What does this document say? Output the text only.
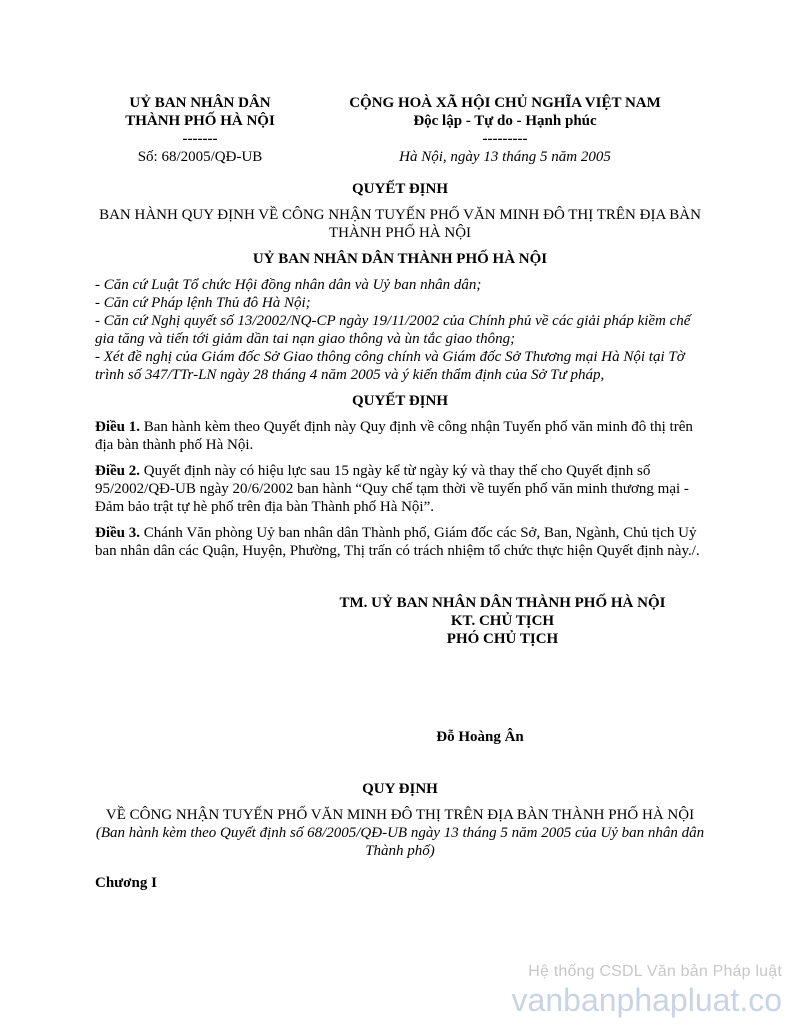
UỶ BAN NHÂN DÂN
THÀNH PHỐ HÀ NỘI
-------
Số: 68/2005/QĐ-UB
CỘNG HOÀ XÃ HỘI CHỦ NGHĨA VIỆT NAM
Độc lập - Tự do - Hạnh phúc
---------
Hà Nội, ngày 13 tháng 5 năm 2005
QUYẾT ĐỊNH
BAN HÀNH QUY ĐỊNH VỀ CÔNG NHẬN TUYẾN PHỐ VĂN MINH ĐÔ THỊ TRÊN ĐỊA BÀN THÀNH PHỐ HÀ NỘI
UỶ BAN NHÂN DÂN THÀNH PHỐ HÀ NỘI
- Căn cứ Luật Tổ chức Hội đồng nhân dân và Uỷ ban nhân dân;
- Căn cứ Pháp lệnh Thủ đô Hà Nội;
- Căn cứ Nghị quyết số 13/2002/NQ-CP ngày 19/11/2002 của Chính phủ về các giải pháp kiềm chế gia tăng và tiến tới giảm dần tai nạn giao thông và ùn tắc giao thông;
- Xét đề nghị của Giám đốc Sở Giao thông công chính và Giám đốc Sở Thương mại Hà Nội tại Tờ trình số 347/TTr-LN ngày 28 tháng 4 năm 2005 và ý kiến thẩm định của Sở Tư pháp,
QUYẾT ĐỊNH
Điều 1. Ban hành kèm theo Quyết định này Quy định về công nhận Tuyến phố văn minh đô thị trên địa bàn thành phố Hà Nội.
Điều 2. Quyết định này có hiệu lực sau 15 ngày kể từ ngày ký và thay thế cho Quyết định số 95/2002/QĐ-UB ngày 20/6/2002 ban hành “Quy chế tạm thời về tuyến phố văn minh thương mại - Đảm bảo trật tự hè phố trên địa bàn Thành phố Hà Nội”.
Điều 3. Chánh Văn phòng Uỷ ban nhân dân Thành phố, Giám đốc các Sở, Ban, Ngành, Chủ tịch Uỷ ban nhân dân các Quận, Huyện, Phường, Thị trấn có trách nhiệm tổ chức thực hiện Quyết định này./.
TM. UỶ BAN NHÂN DÂN THÀNH PHỐ HÀ NỘI
KT. CHỦ TỊCH
PHÓ CHỦ TỊCH
Đỗ Hoàng Ân
QUY ĐỊNH
VỀ CÔNG NHẬN TUYẾN PHỐ VĂN MINH ĐÔ THỊ TRÊN ĐỊA BÀN THÀNH PHỐ HÀ NỘI
(Ban hành kèm theo Quyết định số 68/2005/QĐ-UB ngày 13 tháng 5 năm 2005 của Uỷ ban nhân dân Thành phố)
Chương I
Hệ thống CSDL Văn bản Pháp luật
vanbanphapluat.co
